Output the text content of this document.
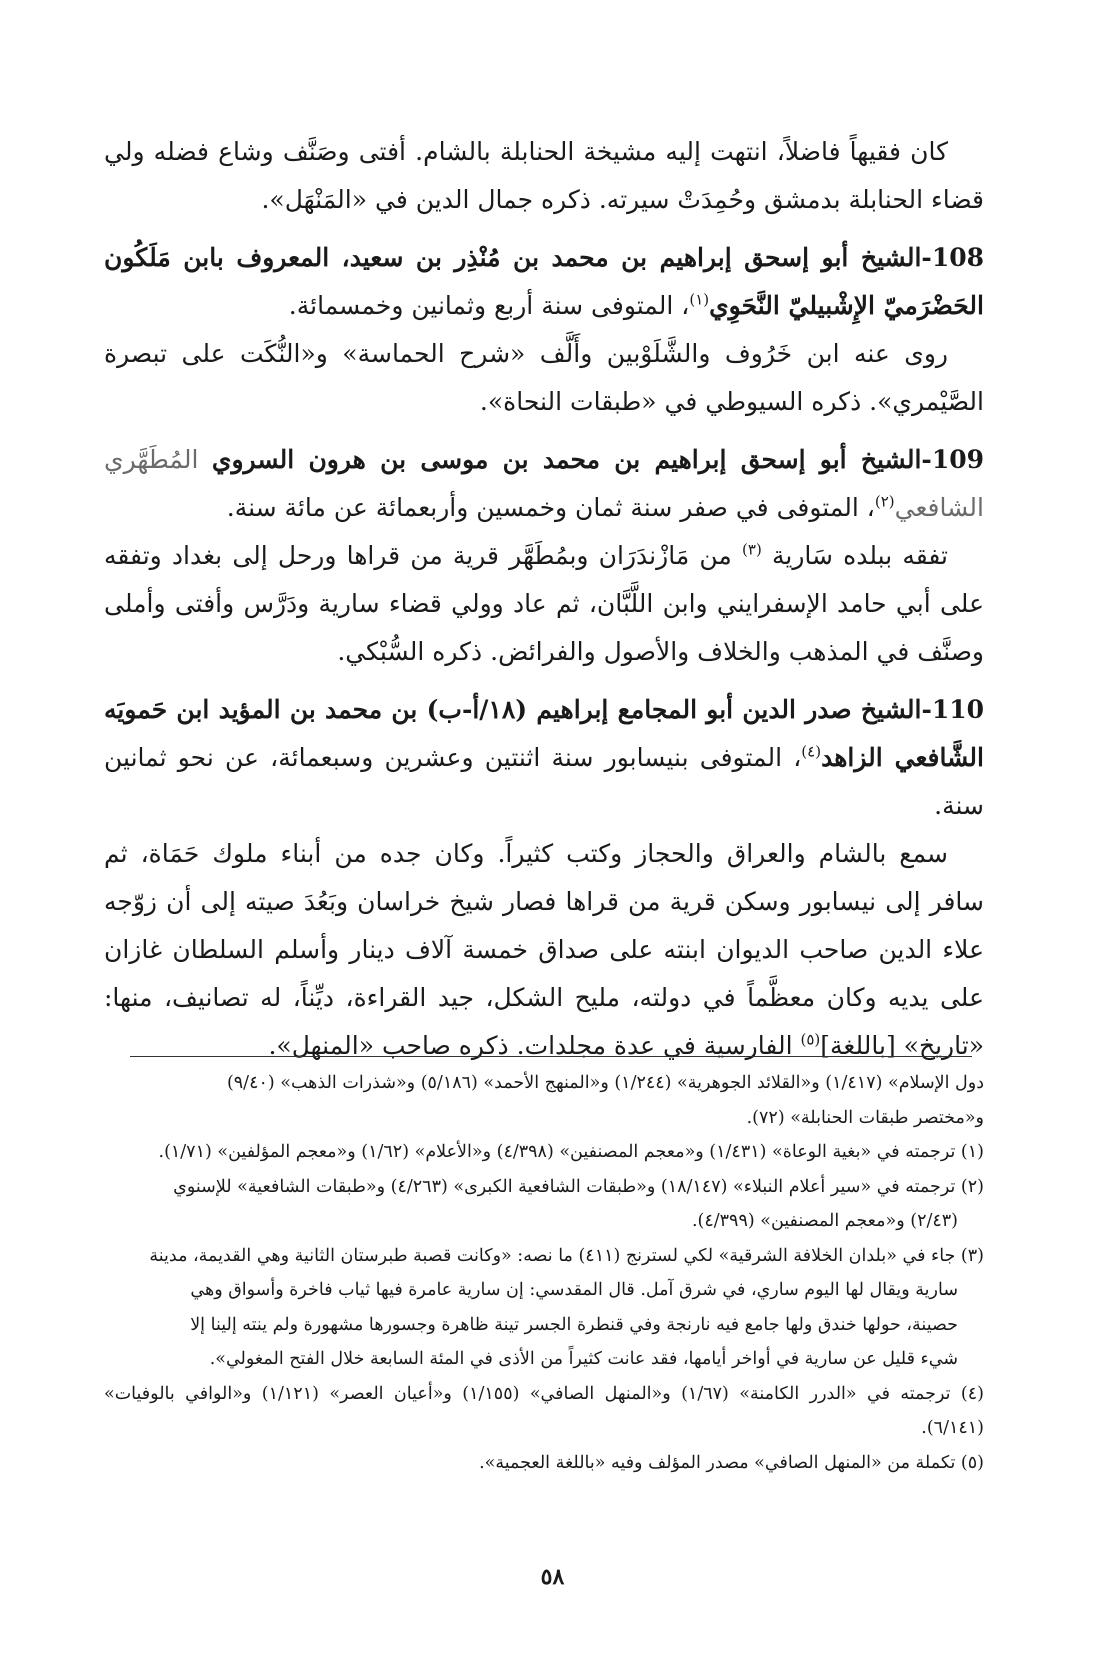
كان فقيهاً فاضلاً، انتهت إليه مشيخة الحنابلة بالشام. أفتى وصَنَّف وشاع فضله ولي قضاء الحنابلة بدمشق وحُمِدَتْ سيرته. ذكره جمال الدين في «المَنْهَل».

108-الشيخ أبو إسحق إبراهيم بن محمد بن مُنْذِر بن سعيد، المعروف بابن مَلَكُون الحَضْرَميّ الإِشْبيليّ النَّحَوِي$^{(١)}$، المتوفى سنة أربع وثمانين وخمسمائة.

روى عنه ابن خَرُوف والشَّلَوْبين وأَلَّف «شرح الحماسة» و«النُّكَت على تبصرة الصَّيْمري». ذكره السيوطي في «طبقات النحاة».

109-الشيخ أبو إسحق إبراهيم بن محمد بن موسى بن هرون السروي المُطَهَّري الشافعي$^{(٢)}$، المتوفى في صفر سنة ثمان وخمسين وأربعمائة عن مائة سنة.

تفقه ببلده سَارية $^{(٣)}$ من مَازْندَرَان وبمُطَهَّر قرية من قراها ورحل إلى بغداد وتفقه على أبي حامد الإسفرايني وابن اللَّبَّان، ثم عاد وولي قضاء سارية ودَرَّس وأفتى وأملى وصنَّف في المذهب والخلاف والأصول والفرائض. ذكره السُّبْكي.

110-الشيخ صدر الدين أبو المجامع إبراهيم (١٨/أ-ب) بن محمد بن المؤيد ابن حَمويَه الشَّافعي الزاهد$^{(٤)}$، المتوفى بنيسابور سنة اثنتين وعشرين وسبعمائة، عن نحو ثمانين سنة.

سمع بالشام والعراق والحجاز وكتب كثيراً. وكان جده من أبناء ملوك حَمَاة، ثم سافر إلى نيسابور وسكن قرية من قراها فصار شيخ خراسان وبَعُدَ صيته إلى أن زوّجه علاء الدين صاحب الديوان ابنته على صداق خمسة آلاف دينار وأسلم السلطان غازان على يديه وكان معظَّماً في دولته، مليح الشكل، جيد القراءة، ديِّناً، له تصانيف، منها: «تاريخ» [باللغة]$^{(٥)}$ الفارسية في عدة مجلدات. ذكره صاحب «المنهل».

دول الإسلام» (١/٤١٧) و«القلائد الجوهرية» (١/٢٤٤) و«المنهج الأحمد» (٥/١٨٦) و«شذرات الذهب» (٩/٤٠)

و«مختصر طبقات الحنابلة» (٧٢).

(١) ترجمته في «بغية الوعاة» (١/٤٣١) و«معجم المصنفين» (٤/٣٩٨) و«الأعلام» (١/٦٢) و«معجم المؤلفين» (١/٧١).

(٢) ترجمته في «سير أعلام النبلاء» (١٨/١٤٧) و«طبقات الشافعية الكبرى» (٤/٢٦٣) و«طبقات الشافعية» للإسنوي

(٢/٤٣) و«معجم المصنفين» (٤/٣٩٩).

(٣) جاء في «بلدان الخلافة الشرقية» لكي لسترنج (٤١١) ما نصه: «وكانت قصبة طبرستان الثانية وهي القديمة، مدينة

سارية ويقال لها اليوم ساري، في شرق آمل. قال المقدسي: إن سارية عامرة فيها ثياب فاخرة وأسواق وهي

حصينة، حولها خندق ولها جامع فيه نارنجة وفي قنطرة الجسر تينة ظاهرة وجسورها مشهورة ولم ينته إلينا إلا

شيء قليل عن سارية في أواخر أيامها، فقد عانت كثيراً من الأذى في المئة السابعة خلال الفتح المغولي».

(٤) ترجمته في «الدرر الكامنة» (١/٦٧) و«المنهل الصافي» (١/١٥٥) و«أعيان العصر» (١/١٢١) و«الوافي بالوفيات» (٦/١٤١).

(٥) تكملة من «المنهل الصافي» مصدر المؤلف وفيه «باللغة العجمية».

٥٨
